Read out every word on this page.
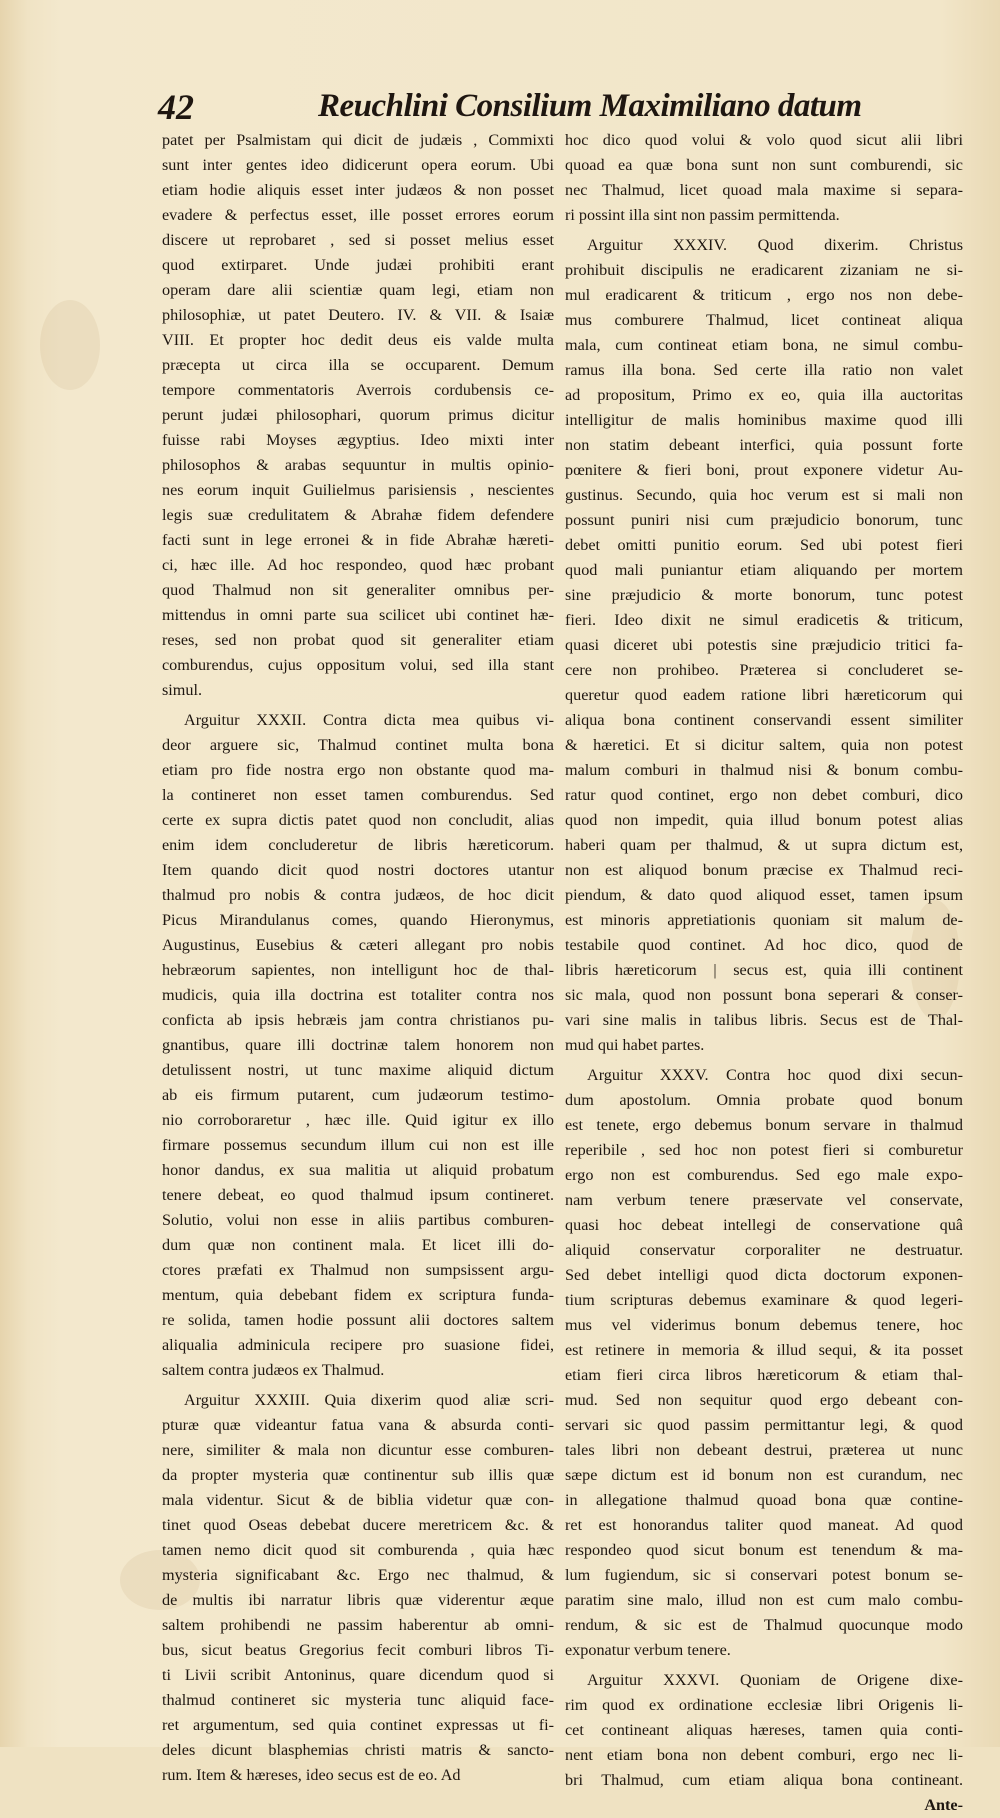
42	Reuchlini Consilium Maximiliano datum
patet per Psalmistam qui dicit de judæis , Commixti
sunt inter gentes ideo didicerunt opera eorum. Ubi
etiam hodie aliquis esset inter judæos & non posset
evadere & perfectus esset, ille posset errores eorum
discere ut reprobaret , sed si posset melius esset
quod extirparet. Unde judæi prohibiti erant
operam dare alii scientiæ quam legi, etiam non
philosophiæ, ut patet Deutero. IV. & VII. & Isaiæ
VIII. Et propter hoc dedit deus eis valde multa
præcepta ut circa illa se occuparent. Demum
tempore commentatoris Averrois cordubensis ce-
perunt judæi philosophari, quorum primus dicitur
fuisse rabi Moyses ægyptius. Ideo mixti inter
philosophos & arabas sequuntur in multis opinio-
nes eorum inquit Guilielmus parisiensis , nescientes
legis suæ credulitatem & Abrahæ fidem defendere
facti sunt in lege erronei & in fide Abrahæ hæreti-
ci, hæc ille. Ad hoc respondeo, quod hæc probant
quod Thalmud non sit generaliter omnibus per-
mittendus in omni parte sua scilicet ubi continet hæ-
reses, sed non probat quod sit generaliter etiam
comburendus, cujus oppositum volui, sed illa stant
simul.
Arguitur XXXII. Contra dicta mea quibus vi-
deor arguere sic, Thalmud continet multa bona
etiam pro fide nostra ergo non obstante quod ma-
la contineret non esset tamen comburendus. Sed
certe ex supra dictis patet quod non concludit, alias
enim idem concluderetur de libris hæreticorum.
Item quando dicit quod nostri doctores utantur
thalmud pro nobis & contra judæos, de hoc dicit
Picus Mirandulanus comes, quando Hieronymus,
Augustinus, Eusebius & cæteri allegant pro nobis
hebræorum sapientes, non intelligunt hoc de thal-
mudicis, quia illa doctrina est totaliter contra nos
conficta ab ipsis hebræis jam contra christianos pu-
gnantibus, quare illi doctrinæ talem honorem non
detulissent nostri, ut tunc maxime aliquid dictum
ab eis firmum putarent, cum judæorum testimo-
nio corroboraretur , hæc ille. Quid igitur ex illo
firmare possemus secundum illum cui non est ille
honor dandus, ex sua malitia ut aliquid probatum
tenere debeat, eo quod thalmud ipsum contineret.
Solutio, volui non esse in aliis partibus comburen-
dum quæ non continent mala. Et licet illi do-
ctores præfati ex Thalmud non sumpsissent argu-
mentum, quia debebant fidem ex scriptura funda-
re solida, tamen hodie possunt alii doctores saltem
aliqualia adminicula recipere pro suasione fidei,
saltem contra judæos ex Thalmud.
Arguitur XXXIII. Quia dixerim quod aliæ scri-
pturæ quæ videantur fatua vana & absurda conti-
nere, similiter & mala non dicuntur esse comburen-
da propter mysteria quæ continentur sub illis quæ
mala videntur. Sicut & de biblia videtur quæ con-
tinet quod Oseas debebat ducere meretricem &c. &
tamen nemo dicit quod sit comburenda , quia hæc
mysteria significabant &c. Ergo nec thalmud, &
de multis ibi narratur libris quæ viderentur æque
saltem prohibendi ne passim haberentur ab omni-
bus, sicut beatus Gregorius fecit comburi libros Ti-
ti Livii scribit Antoninus, quare dicendum quod si
thalmud contineret sic mysteria tunc aliquid face-
ret argumentum, sed quia continet expressas ut fi-
deles dicunt blasphemias christi matris & sancto-
rum. Item & hæreses, ideo secus est de eo. Ad
hoc dico quod volui & volo quod sicut alii libri
quoad ea quæ bona sunt non sunt comburendi, sic
nec Thalmud, licet quoad mala maxime si separa-
ri possint illa sint non passim permittenda.
Arguitur XXXIV. Quod dixerim. Christus
prohibuit discipulis ne eradicarent zizaniam ne si-
mul eradicarent & triticum , ergo nos non debe-
mus comburere Thalmud, licet contineat aliqua
mala, cum contineat etiam bona, ne simul combu-
ramus illa bona. Sed certe illa ratio non valet
ad propositum, Primo ex eo, quia illa auctoritas
intelligitur de malis hominibus maxime quod illi
non statim debeant interfici, quia possunt forte
pœnitere & fieri boni, prout exponere videtur Au-
gustinus. Secundo, quia hoc verum est si mali non
possunt puniri nisi cum præjudicio bonorum, tunc
debet omitti punitio eorum. Sed ubi potest fieri
quod mali puniantur etiam aliquando per mortem
sine præjudicio & morte bonorum, tunc potest
fieri. Ideo dixit ne simul eradicetis & triticum,
quasi diceret ubi potestis sine præjudicio tritici fa-
cere non prohibeo. Præterea si concluderet se-
queretur quod eadem ratione libri hæreticorum qui
aliqua bona continent conservandi essent similiter
& hæretici. Et si dicitur saltem, quia non potest
malum comburi in thalmud nisi & bonum combu-
ratur quod continet, ergo non debet comburi, dico
quod non impedit, quia illud bonum potest alias
haberi quam per thalmud, & ut supra dictum est,
non est aliquod bonum præcise ex Thalmud reci-
piendum, & dato quod aliquod esset, tamen ipsum
est minoris appretiationis quoniam sit malum de-
testabile quod continet. Ad hoc dico, quod de
libris hæreticorum | secus est, quia illi continent
sic mala, quod non possunt bona seperari & conser-
vari sine malis in talibus libris. Secus est de Thal-
mud qui habet partes.
Arguitur XXXV. Contra hoc quod dixi secun-
dum apostolum. Omnia probate quod bonum
est tenete, ergo debemus bonum servare in thalmud
reperibile , sed hoc non potest fieri si comburetur
ergo non est comburendus. Sed ego male expo-
nam verbum tenere præservate vel conservate,
quasi hoc debeat intellegi de conservatione quâ
aliquid conservatur corporaliter ne destruatur.
Sed debet intelligi quod dicta doctorum exponen-
tium scripturas debemus examinare & quod legeri-
mus vel viderimus bonum debemus tenere, hoc
est retinere in memoria & illud sequi, & ita posset
etiam fieri circa libros hæreticorum & etiam thal-
mud. Sed non sequitur quod ergo debeant con-
servari sic quod passim permittantur legi, & quod
tales libri non debeant destrui, præterea ut nunc
sæpe dictum est id bonum non est curandum, nec
in allegatione thalmud quoad bona quæ contine-
ret est honorandus taliter quod maneat. Ad quod
respondeo quod sicut bonum est tenendum & ma-
lum fugiendum, sic si conservari potest bonum se-
paratim sine malo, illud non est cum malo combu-
rendum, & sic est de Thalmud quocunque modo
exponatur verbum tenere.
Arguitur XXXVI. Quoniam de Origene dixe-
rim quod ex ordinatione ecclesiæ libri Origenis li-
cet contineant aliquas hæreses, tamen quia conti-
nent etiam bona non debent comburi, ergo nec li-
bri Thalmud, cum etiam aliqua bona contineant.
Ante-
